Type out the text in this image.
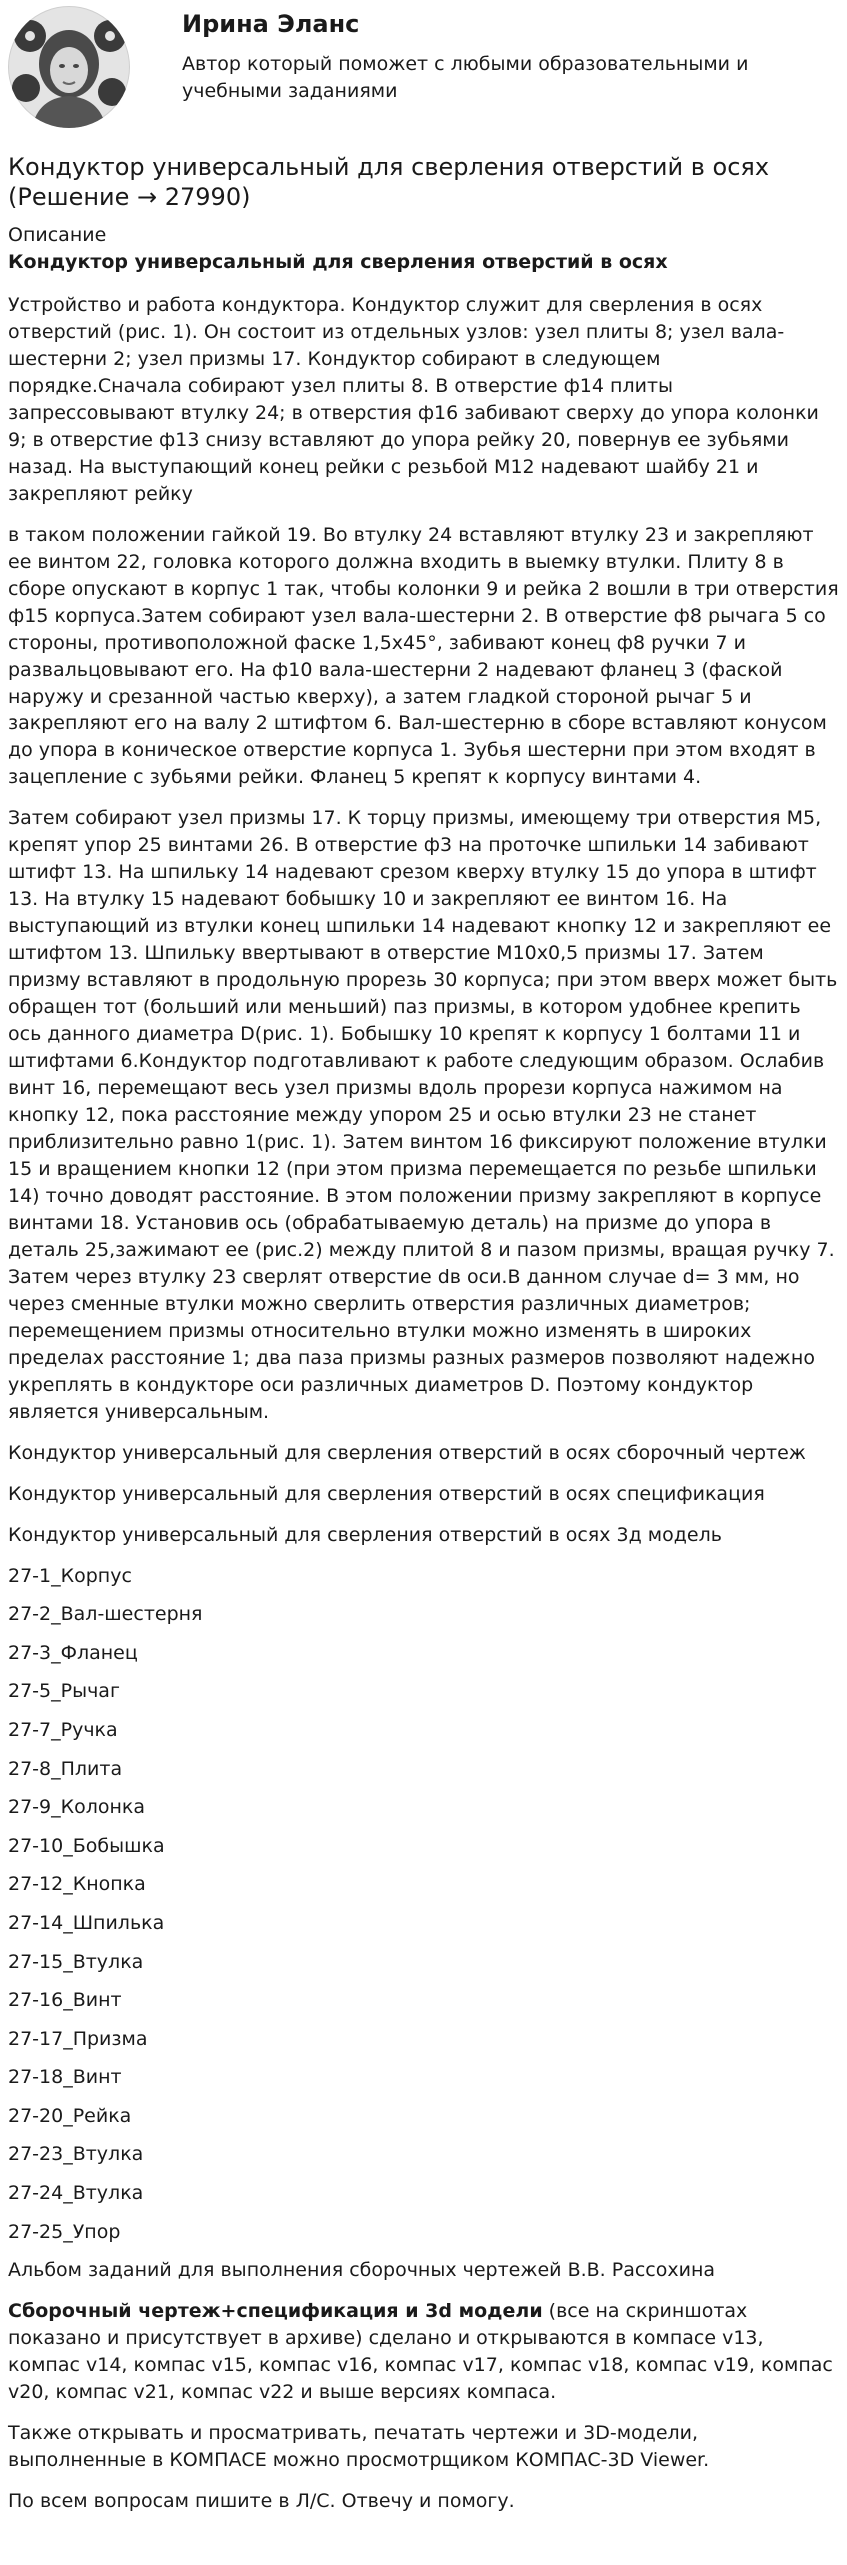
Ирина Эланс
Автор который поможет с любыми образовательными и учебными заданиями
Кондуктор универсальный для сверления отверстий в осях (Решение → 27990)
Описание
Кондуктор универсальный для сверления отверстий в осях

Устройство и работа кондуктора. Кондуктор служит для сверления в осях отверстий (рис. 1). Он состоит из отдельных узлов: узел плиты 8; узел вала-шестерни 2; узел призмы 17. Кондуктор собирают в следующем порядке.Сначала собирают узел плиты 8. В отверстие ф14 плиты запрессовывают втулку 24; в отверстия ф16 забивают сверху до упора колонки 9; в отверстие ф13 снизу вставляют до упора рейку 20, повернув ее зубьями назад. На выступающий конец рейки с резьбой М12 надевают шайбу 21 и закрепляют рейку

в таком положении гайкой 19. Во втулку 24 вставляют втулку 23 и закрепляют ее винтом 22, головка которого должна входить в выемку втулки. Плиту 8 в сборе опускают в корпус 1 так, чтобы колонки 9 и рейка 2 вошли в три отверстия ф15 корпуса.Затем собирают узел вала-шестерни 2. В отверстие ф8 рычага 5 со стороны, противоположной фаске 1,5x45°, забивают конец ф8 ручки 7 и развальцовывают его. На ф10 вала-шестерни 2 надевают фланец 3 (фаской наружу и срезанной частью кверху), а затем гладкой стороной рычаг 5 и закрепляют его на валу 2 штифтом 6. Вал-шестерню в сборе вставляют конусом до упора в коническое отверстие корпуса 1. Зубья шестерни при этом входят в зацепление с зубьями рейки. Фланец 5 крепят к корпусу винтами 4.

Затем собирают узел призмы 17. К торцу призмы, имеющему три отверстия М5, крепят упор 25 винтами 26. В отверстие ф3 на проточке шпильки 14 забивают штифт 13. На шпильку 14 надевают срезом кверху втулку 15 до упора в штифт 13. На втулку 15 надевают бобышку 10 и закрепляют ее винтом 16. На выступающий из втулки конец шпильки 14 надевают кнопку 12 и закрепляют ее штифтом 13. Шпильку ввертывают в отверстие М10х0,5 призмы 17. Затем призму вставляют в продольную прорезь 30 корпуса; при этом вверх может быть обращен тот (больший или меньший) паз призмы, в котором удобнее крепить ось данного диаметра D(рис. 1). Бобышку 10 крепят к корпусу 1 болтами 11 и штифтами 6.Кондуктор подготавливают к работе следующим образом. Ослабив винт 16, перемещают весь узел призмы вдоль прорези корпуса нажимом на кнопку 12, пока расстояние между упором 25 и осью втулки 23 не станет приблизительно равно 1(рис. 1). Затем винтом 16 фиксируют положение втулки 15 и вращением кнопки 12 (при этом призма перемещается по резьбе шпильки 14) точно доводят расстояние. В этом положении призму закрепляют в корпусе винтами 18. Установив ось (обрабатываемую деталь) на призме до упора в деталь 25,зажимают ее (рис.2) между плитой 8 и пазом призмы, вращая ручку 7. Затем через втулку 23 сверлят отверстие dв оси.В данном случае d= 3 мм, но через сменные втулки можно сверлить отверстия различных диаметров; перемещением призмы относительно втулки можно изменять в широких пределах расстояние 1; два паза призмы разных размеров позволяют надежно укреплять в кондукторе оси различных диаметров D. Поэтому кондуктор является универсальным.

Кондуктор универсальный для сверления отверстий в осях сборочный чертеж
Кондуктор универсальный для сверления отверстий в осях спецификация
Кондуктор универсальный для сверления отверстий в осях 3д модель
27-1_Корпус
27-2_Вал-шестерня
27-3_Фланец
27-5_Рычаг
27-7_Ручка
27-8_Плита
27-9_Колонка
27-10_Бобышка
27-12_Кнопка
27-14_Шпилька
27-15_Втулка
27-16_Винт
27-17_Призма
27-18_Винт
27-20_Рейка
27-23_Втулка
27-24_Втулка
27-25_Упор
Альбом заданий для выполнения сборочных чертежей В.В. Рассохина

Сборочный чертеж+спецификация и 3d модели (все на скриншотах показано и присутствует в архиве) сделано и открываются в компасе v13, компас v14, компас v15, компас v16, компас v17, компас v18, компас v19, компас v20, компас v21, компас v22 и выше версиях компаса.

Также открывать и просматривать, печатать чертежи и 3D-модели, выполненные в КОМПАСЕ можно просмотрщиком КОМПАС-3D Viewer.

По всем вопросам пишите в Л/С. Отвечу и помогу.
